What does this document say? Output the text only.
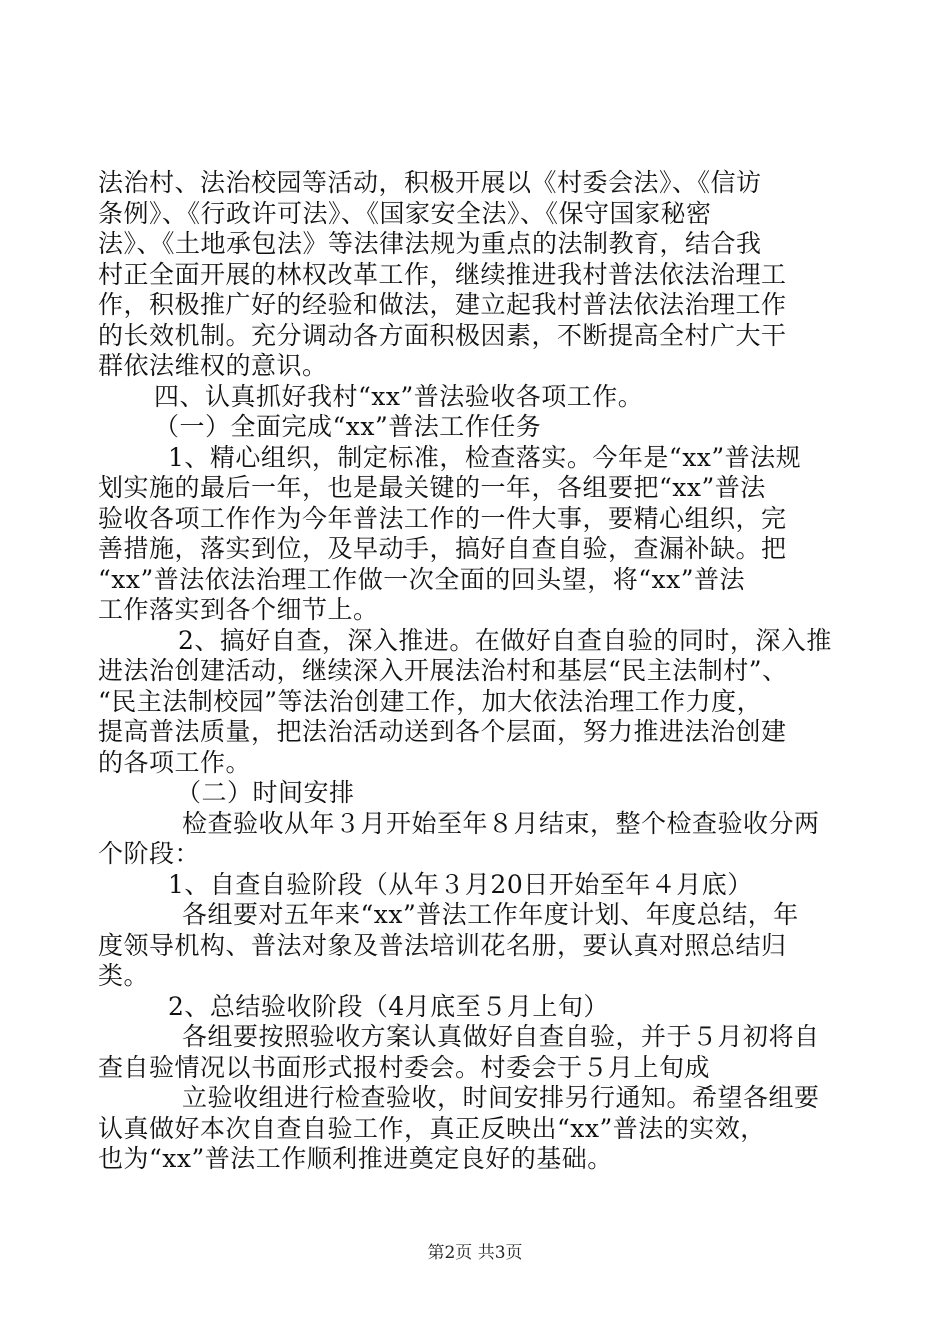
法治村、法治校园等活动，积极开展以《村委会法》、《信访
条例》、《行政许可法》、《国家安全法》、《保守国家秘密
法》、《土地承包法》等法律法规为重点的法制教育，结合我
村正全面开展的林权改革工作，继续推进我村普法依法治理工
作，积极推广好的经验和做法，建立起我村普法依法治理工作
的长效机制。充分调动各方面积极因素，不断提高全村广大干
群依法维权的意识。
四、认真抓好我村“xx”普法验收各项工作。
（一）全面完成“xx”普法工作任务
1、精心组织，制定标准，检查落实。今年是“xx”普法规
划实施的最后一年，也是最关键的一年，各组要把“xx”普法
验收各项工作作为今年普法工作的一件大事，要精心组织，完
善措施，落实到位，及早动手，搞好自查自验，查漏补缺。把
“xx”普法依法治理工作做一次全面的回头望，将“xx”普法
工作落实到各个细节上。
2、搞好自查，深入推进。在做好自查自验的同时，深入推
进法治创建活动，继续深入开展法治村和基层“民主法制村”、
“民主法制校园”等法治创建工作，加大依法治理工作力度，
提高普法质量，把法治活动送到各个层面，努力推进法治创建
的各项工作。
（二）时间安排
检查验收从年３月开始至年８月结束，整个检查验收分两
个阶段：
1、自查自验阶段（从年３月20日开始至年４月底）
各组要对五年来“xx”普法工作年度计划、年度总结，年
度领导机构、普法对象及普法培训花名册，要认真对照总结归
类。
2、总结验收阶段（4月底至５月上旬）
各组要按照验收方案认真做好自查自验，并于５月初将自
查自验情况以书面形式报村委会。村委会于５月上旬成
立验收组进行检查验收，时间安排另行通知。希望各组要
认真做好本次自查自验工作，真正反映出“xx”普法的实效，
也为“xx”普法工作顺利推进奠定良好的基础。
第2页 共3页
